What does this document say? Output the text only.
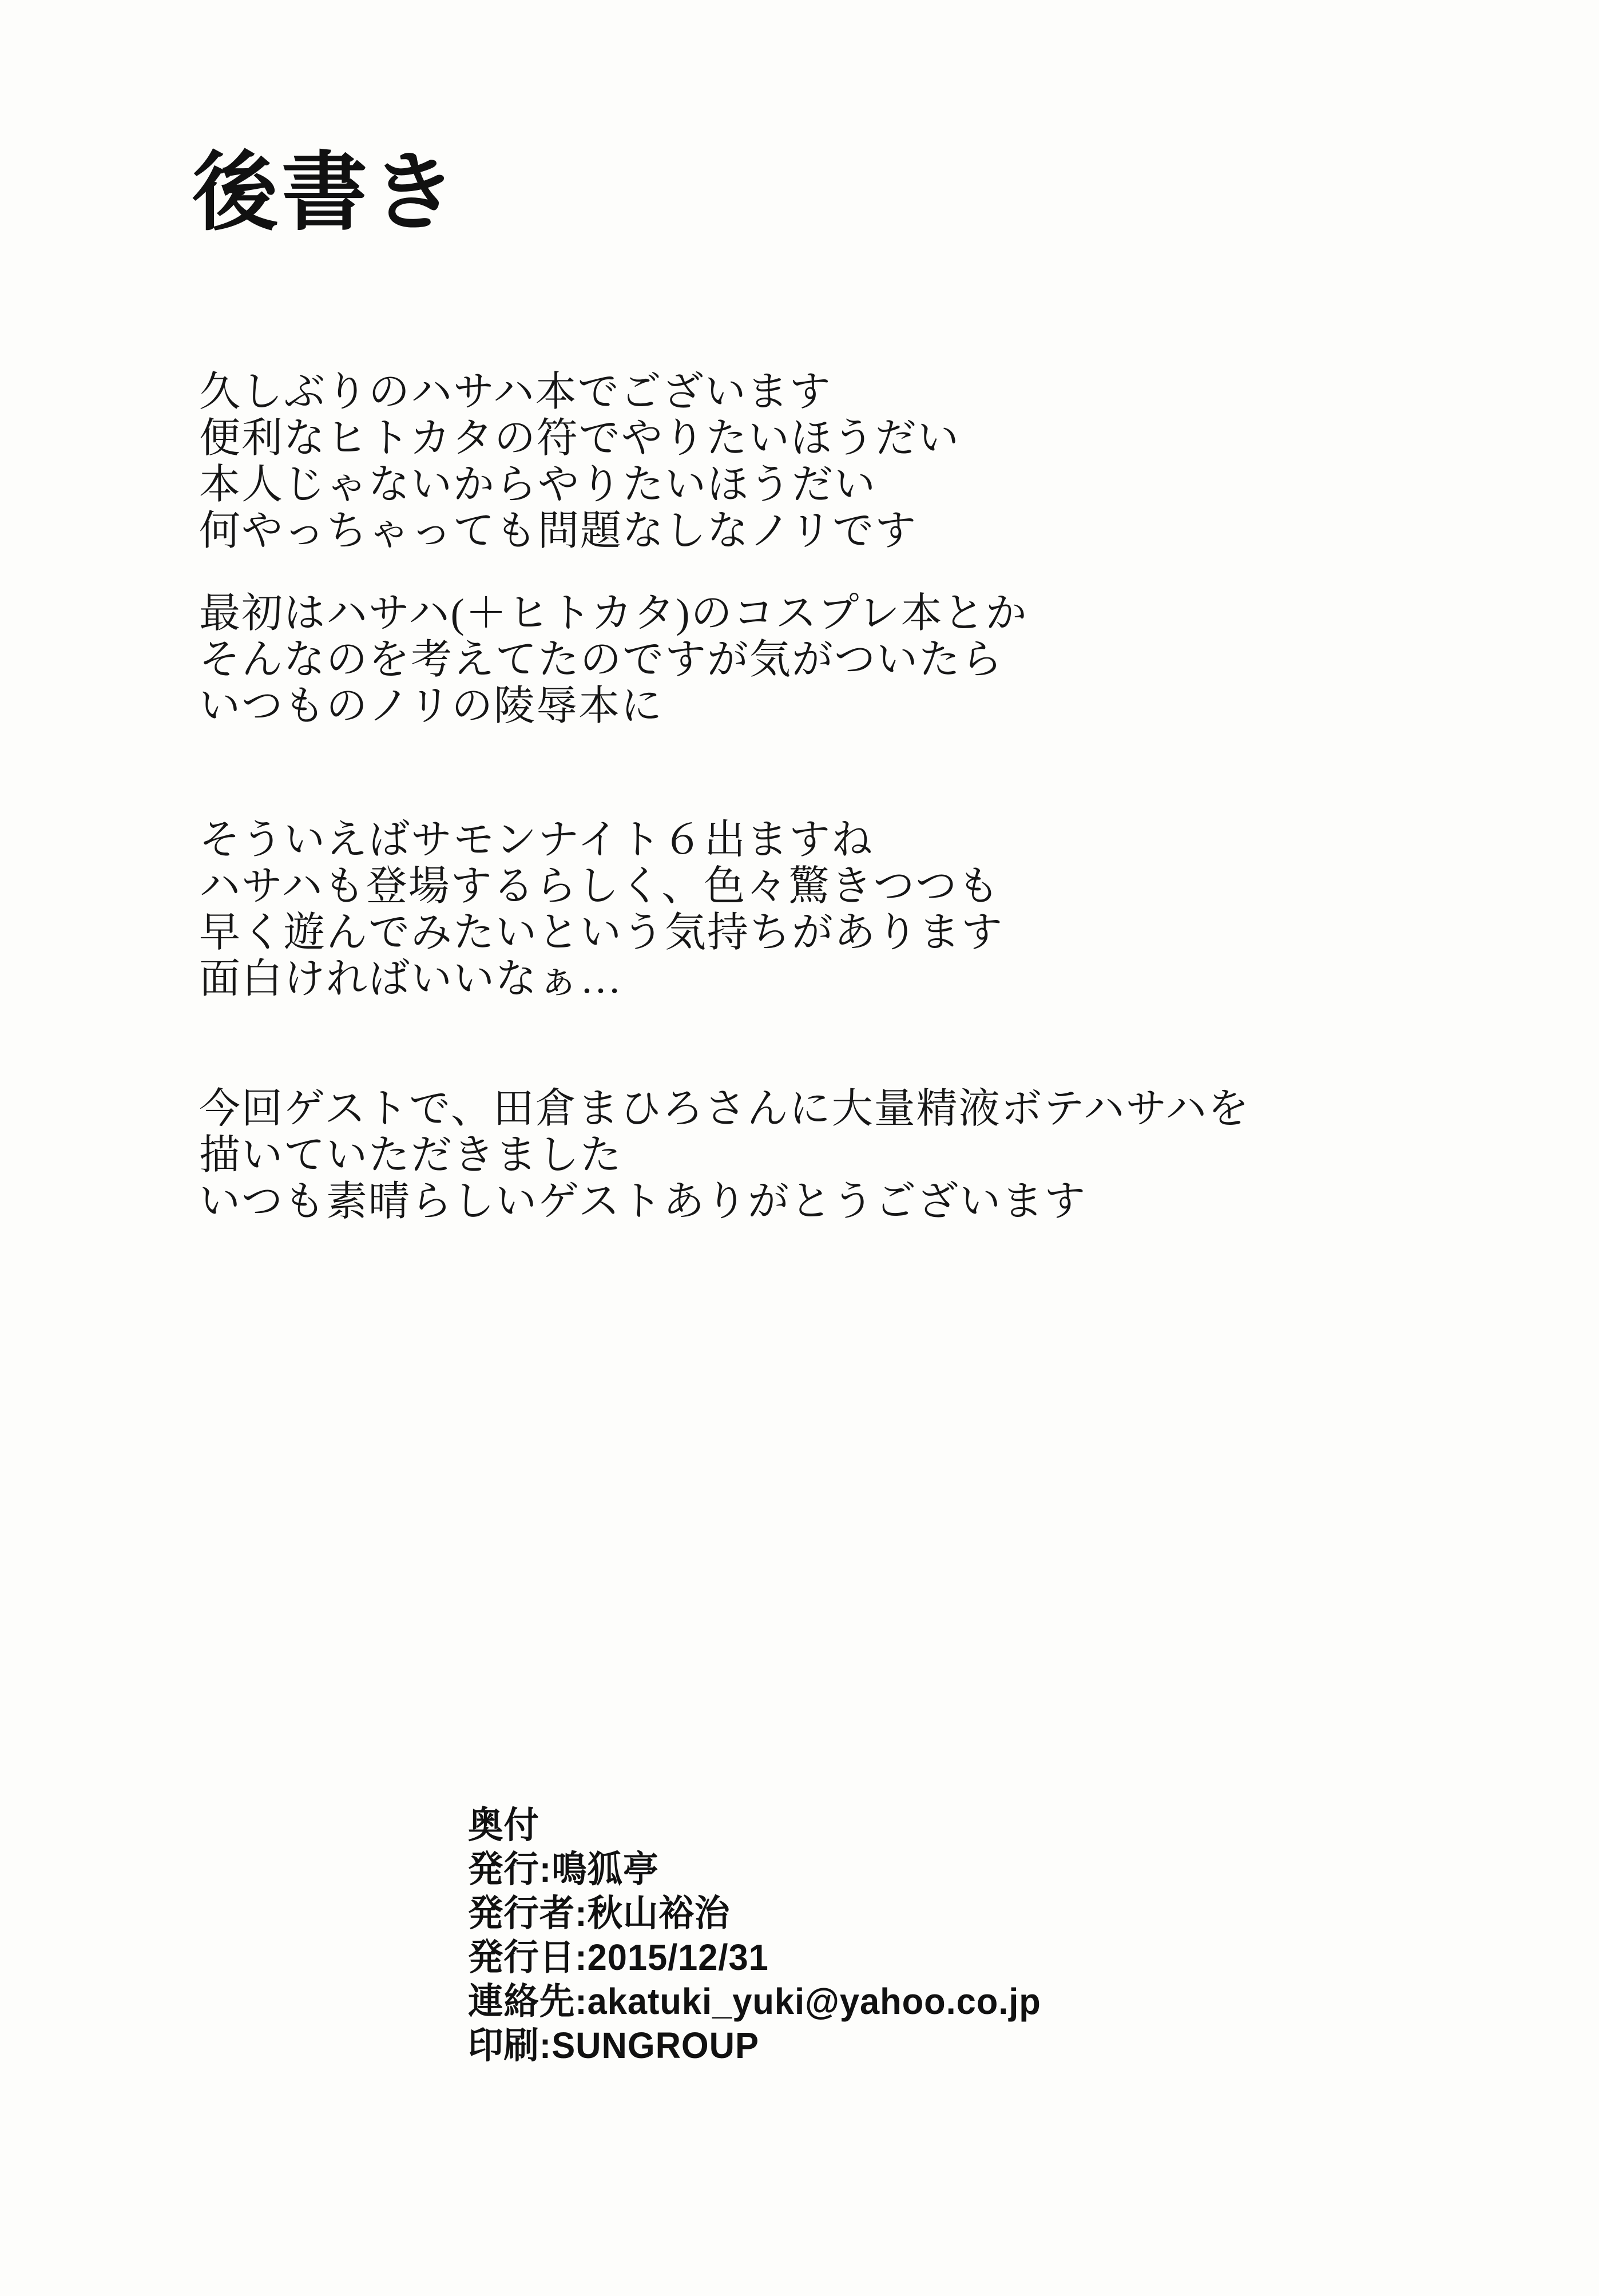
後書き
久しぶりのハサハ本でございます
便利なヒトカタの符でやりたいほうだい
本人じゃないからやりたいほうだい
何やっちゃっても問題なしなノリです
最初はハサハ(＋ヒトカタ)のコスプレ本とか
そんなのを考えてたのですが気がついたら
いつものノリの陵辱本に
そういえばサモンナイト６出ますね
ハサハも登場するらしく、色々驚きつつも
早く遊んでみたいという気持ちがあります
面白ければいいなぁ…
今回ゲストで、田倉まひろさんに大量精液ボテハサハを
描いていただきました
いつも素晴らしいゲストありがとうございます
奥付
発行:鳴狐亭
発行者:秋山裕治
発行日:2015/12/31
連絡先:akatuki_yuki@yahoo.co.jp
印刷:SUNGROUP
